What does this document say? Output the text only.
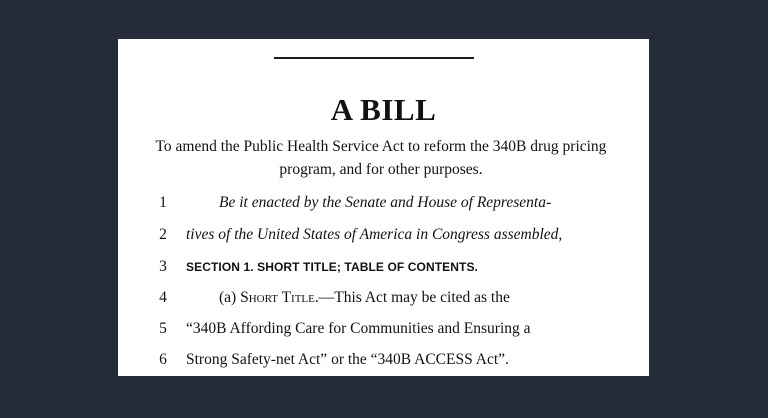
A BILL
To amend the Public Health Service Act to reform the 340B drug pricing program, and for other purposes.
1	Be it enacted by the Senate and House of Representa-
2	tives of the United States of America in Congress assembled,
3	SECTION 1. SHORT TITLE; TABLE OF CONTENTS.
4	(a) Short Title.—This Act may be cited as the
5	“340B Affording Care for Communities and Ensuring a
6	Strong Safety-net Act” or the “340B ACCESS Act”.
